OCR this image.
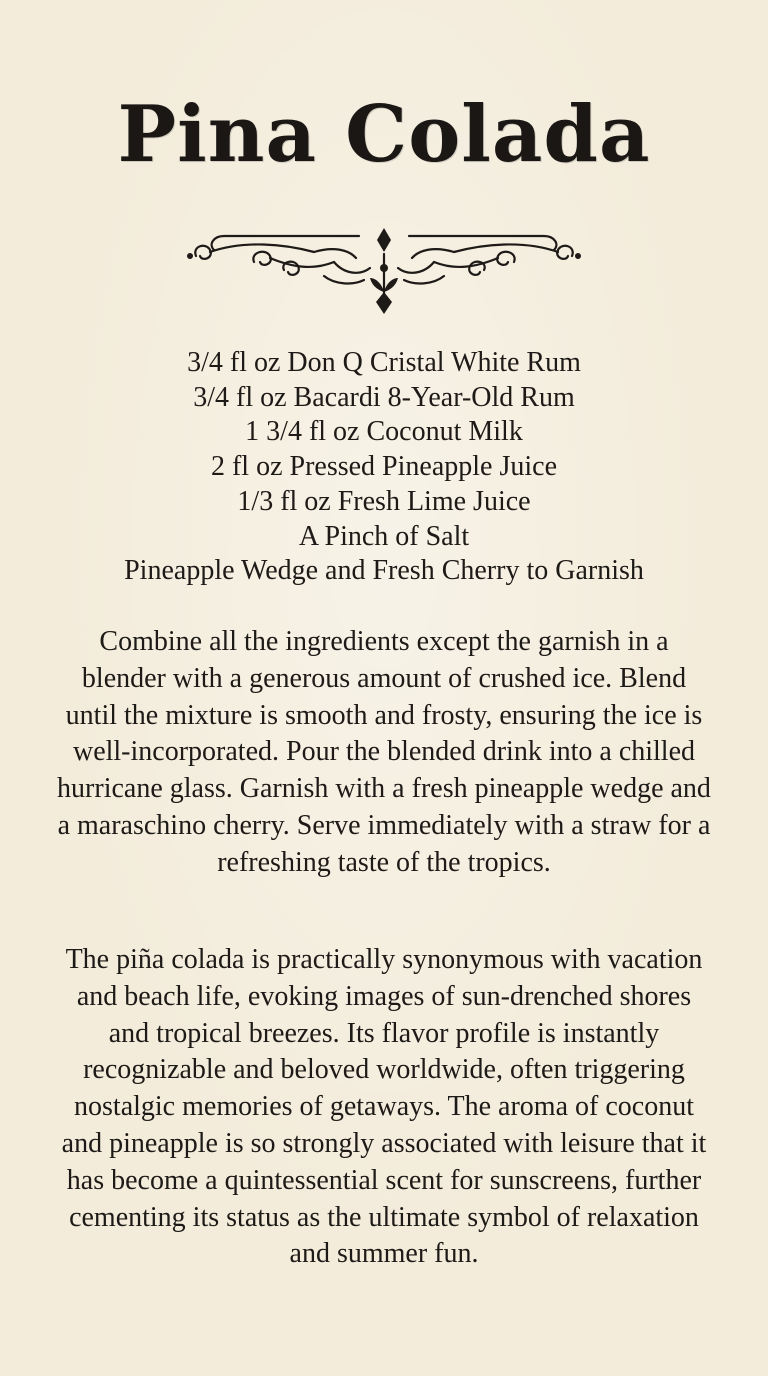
Pina Colada
3/4 fl oz Don Q Cristal White Rum
3/4 fl oz Bacardi 8-Year-Old Rum
1 3/4 fl oz Coconut Milk
2 fl oz Pressed Pineapple Juice
1/3 fl oz Fresh Lime Juice
A Pinch of Salt
Pineapple Wedge and Fresh Cherry to Garnish

Combine all the ingredients except the garnish in a blender with a generous amount of crushed ice. Blend until the mixture is smooth and frosty, ensuring the ice is well-incorporated. Pour the blended drink into a chilled hurricane glass. Garnish with a fresh pineapple wedge and a maraschino cherry. Serve immediately with a straw for a refreshing taste of the tropics.

The piña colada is practically synonymous with vacation and beach life, evoking images of sun-drenched shores and tropical breezes. Its flavor profile is instantly recognizable and beloved worldwide, often triggering nostalgic memories of getaways. The aroma of coconut and pineapple is so strongly associated with leisure that it has become a quintessential scent for sunscreens, further cementing its status as the ultimate symbol of relaxation and summer fun.
